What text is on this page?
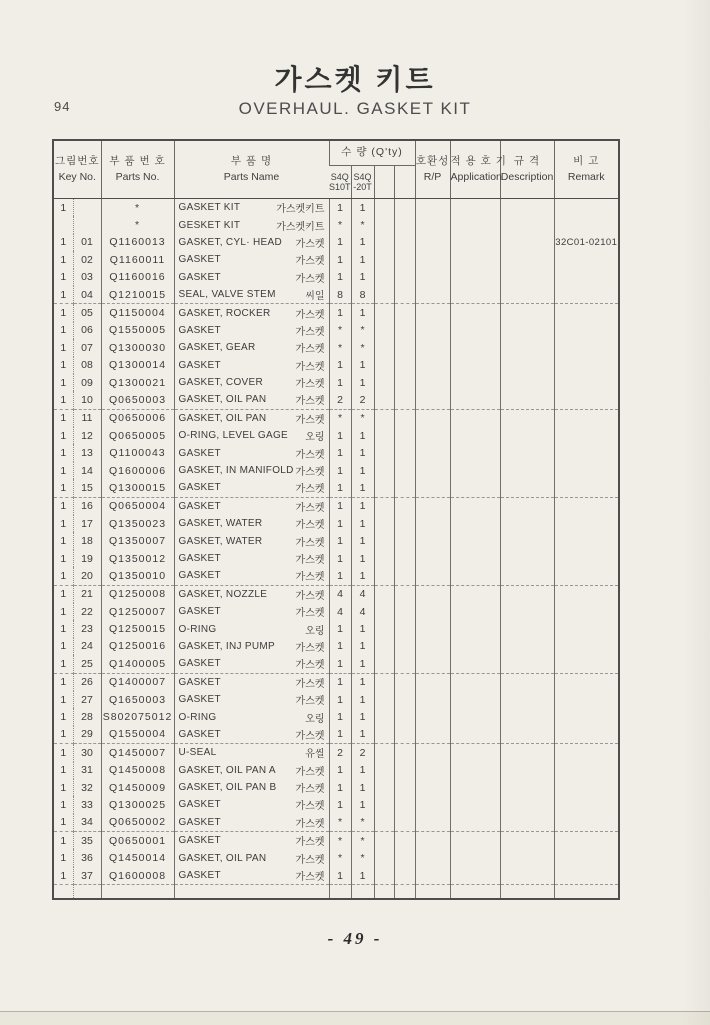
94
가스켓 키트
OVERHAUL. GASKET KIT
그림번호
Key No.

부 품 번 호
Parts No.

부 품 명
Parts Name
	수 량 (Q'ty)	
호환성
R/P

적 용 호 기
Application

규 격
Description

비 고
Remark

S4Q
S10T

S4Q
-20T

1		*	GASKET KIT 가스켓키트	1	1						
		*	GESKET KIT 가스켓키트	*	*						
1	01	Q1160013	GASKET, CYL· HEAD 가스켓	1	1						32C01-02101
1	02	Q1160011	GASKET 가스켓	1	1						
1	03	Q1160016	GASKET 가스켓	1	1						
1	04	Q1210015	SEAL, VALVE STEM 씨일	8	8						
1	05	Q1150004	GASKET, ROCKER 가스켓	1	1						
1	06	Q1550005	GASKET 가스켓	*	*						
1	07	Q1300030	GASKET, GEAR 가스켓	*	*						
1	08	Q1300014	GASKET 가스켓	1	1						
1	09	Q1300021	GASKET, COVER 가스켓	1	1						
1	10	Q0650003	GASKET, OIL PAN 가스켓	2	2						
1	11	Q0650006	GASKET, OIL PAN 가스켓	*	*						
1	12	Q0650005	O-RING, LEVEL GAGE 오링	1	1						
1	13	Q1100043	GASKET 가스켓	1	1						
1	14	Q1600006	GASKET, IN MANIFOLD 가스켓	1	1						
1	15	Q1300015	GASKET 가스켓	1	1						
1	16	Q0650004	GASKET 가스켓	1	1						
1	17	Q1350023	GASKET, WATER 가스켓	1	1						
1	18	Q1350007	GASKET, WATER 가스켓	1	1						
1	19	Q1350012	GASKET 가스켓	1	1						
1	20	Q1350010	GASKET 가스켓	1	1						
1	21	Q1250008	GASKET, NOZZLE 가스켓	4	4						
1	22	Q1250007	GASKET 가스켓	4	4						
1	23	Q1250015	O-RING 오링	1	1						
1	24	Q1250016	GASKET, INJ PUMP 가스켓	1	1						
1	25	Q1400005	GASKET 가스켓	1	1						
1	26	Q1400007	GASKET 가스켓	1	1						
1	27	Q1650003	GASKET 가스켓	1	1						
1	28	S802075012	O-RING 오링	1	1						
1	29	Q1550004	GASKET 가스켓	1	1						
1	30	Q1450007	U-SEAL 유씰	2	2						
1	31	Q1450008	GASKET, OIL PAN A 가스켓	1	1						
1	32	Q1450009	GASKET, OIL PAN B 가스켓	1	1						
1	33	Q1300025	GASKET 가스켓	1	1						
1	34	Q0650002	GASKET 가스켓	*	*						
1	35	Q0650001	GASKET 가스켓	*	*						
1	36	Q1450014	GASKET, OIL PAN 가스켓	*	*						
1	37	Q1600008	GASKET 가스켓	1	1						

- 49 -
